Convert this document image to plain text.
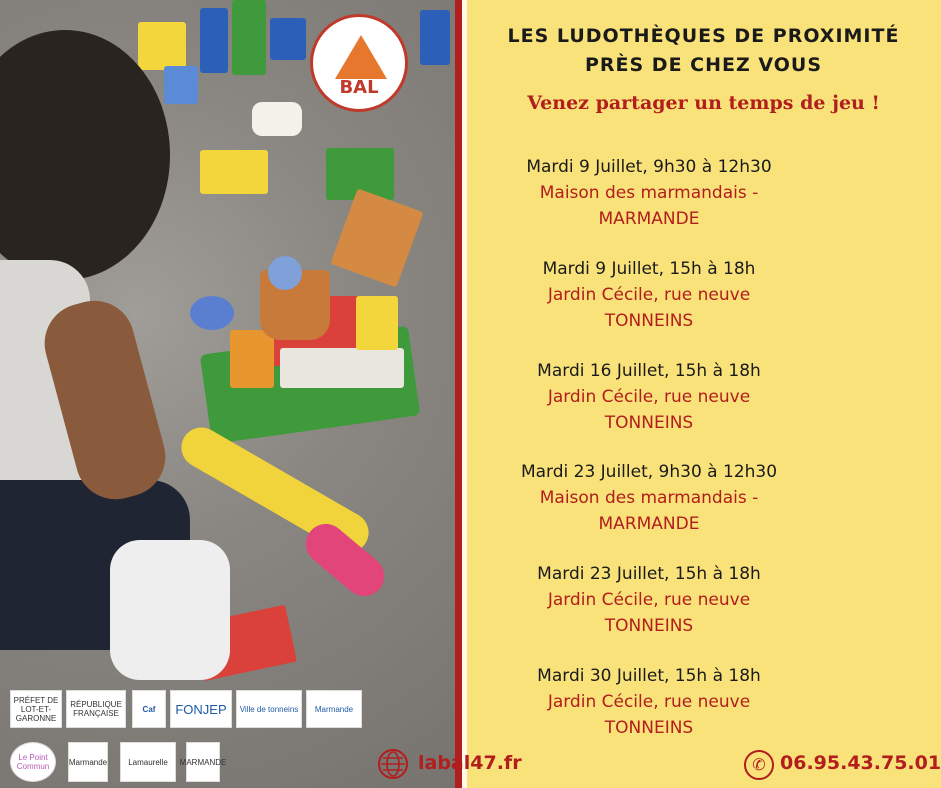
BAL
PRÉFET DE LOT-ET-GARONNE
RÉPUBLIQUE FRANÇAISE	Caf	FONJEP	Ville de tonneins	Marmande
Le Point Commun	Marmande	Lamaurelle	MARMANDE
LES LUDOTHÈQUES DE PROXIMITÉ
PRÈS DE CHEZ VOUS
Venez partager un temps de jeu !
Mardi 9 Juillet, 9h30 à 12h30
Maison des marmandais -
MARMANDE
Mardi 9 Juillet, 15h à 18h
Jardin Cécile, rue neuve
TONNEINS
Mardi 16 Juillet, 15h à 18h
Jardin Cécile, rue neuve
TONNEINS
Mardi 23 Juillet, 9h30 à 12h30
Maison des marmandais -
MARMANDE
Mardi 23 Juillet, 15h à 18h
Jardin Cécile, rue neuve
TONNEINS
Mardi 30 Juillet, 15h à 18h
Jardin Cécile, rue neuve
TONNEINS
labal47.fr	✆ 06.95.43.75.01
